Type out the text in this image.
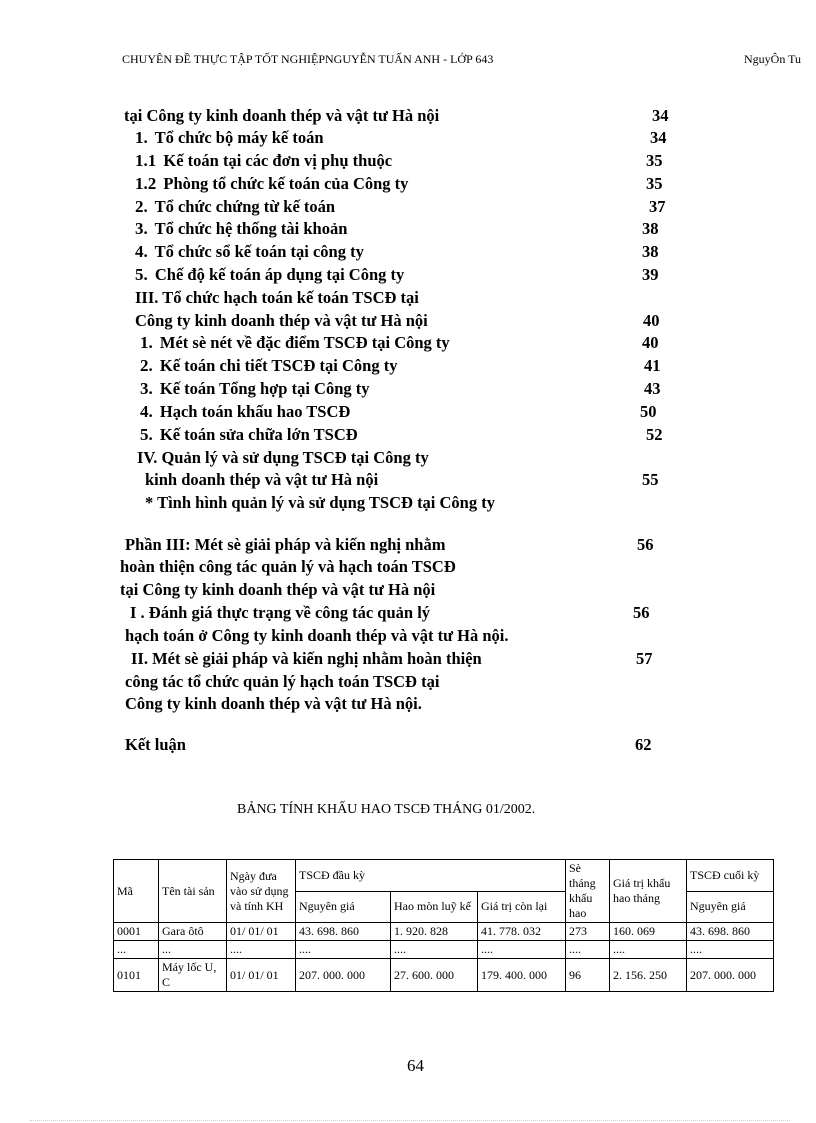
CHUYÊN ĐỀ THỰC TẬP TỐT NGHIỆPNGUYỄN TUẤN ANH - LỚP 643	NguyÔn Tu
tại Công ty kinh doanh thép và vật tư Hà nội	34
1. Tổ chức bộ máy kế toán	34
1.1 Kế toán tại các đơn vị phụ thuộc	35
1.2 Phòng tổ chức kế toán của Công ty	35
2. Tổ chức chứng từ kế toán	37
3. Tổ chức hệ thống tài khoản	38
4. Tổ chức sổ kế toán tại công ty	38
5. Chế độ kế toán áp dụng tại Công ty	39
III. Tổ chức hạch toán kế toán TSCĐ tại
Công ty kinh doanh thép và vật tư Hà nội	40
1. Mét sè nét về đặc điểm TSCĐ tại Công ty	40
2. Kế toán chi tiết TSCĐ tại Công ty	41
3. Kế toán Tổng hợp tại Công ty	43
4. Hạch toán khấu hao TSCĐ	50
5. Kế toán sửa chữa lớn TSCĐ	52
IV. Quản lý và sử dụng TSCĐ tại Công ty
kinh doanh thép và vật tư Hà nội	55
* Tình hình quản lý và sử dụng TSCĐ tại Công ty
Phần III: Mét sè giải pháp và kiến nghị nhằm	56
hoàn thiện công tác quản lý và hạch toán TSCĐ
tại Công ty kinh doanh thép và vật tư Hà nội
I . Đánh giá thực trạng về công tác quản lý	56
hạch toán ở Công ty kinh doanh thép và vật tư Hà nội.
II. Mét sè giải pháp và kiến nghị nhằm hoàn thiện	57
công tác tổ chức quản lý hạch toán TSCĐ tại
Công ty kinh doanh thép và vật tư Hà nội.
Kết luận	62
BẢNG TÍNH KHẤU HAO TSCĐ THÁNG 01/2002.
Mã	Tên tài sản	Ngày đưa vào sử dụng và tính KH	TSCĐ đầu kỳ			Sè tháng khấu hao	Giá trị khấu hao tháng	TSCĐ cuối kỳ
			Nguyên giá	Hao mòn luỹ kế	Giá trị còn lại			Nguyên giá
0001	Gara ôtô	01/ 01/ 01	43. 698. 860	1. 920. 828	41. 778. 032	273	160. 069	43. 698. 860
...	...	....	....	....	....	....	....	....
0101	Máy lốc U, C	01/ 01/ 01	207. 000. 000	27. 600. 000	179. 400. 000	96	2. 156. 250	207. 000. 000
64
